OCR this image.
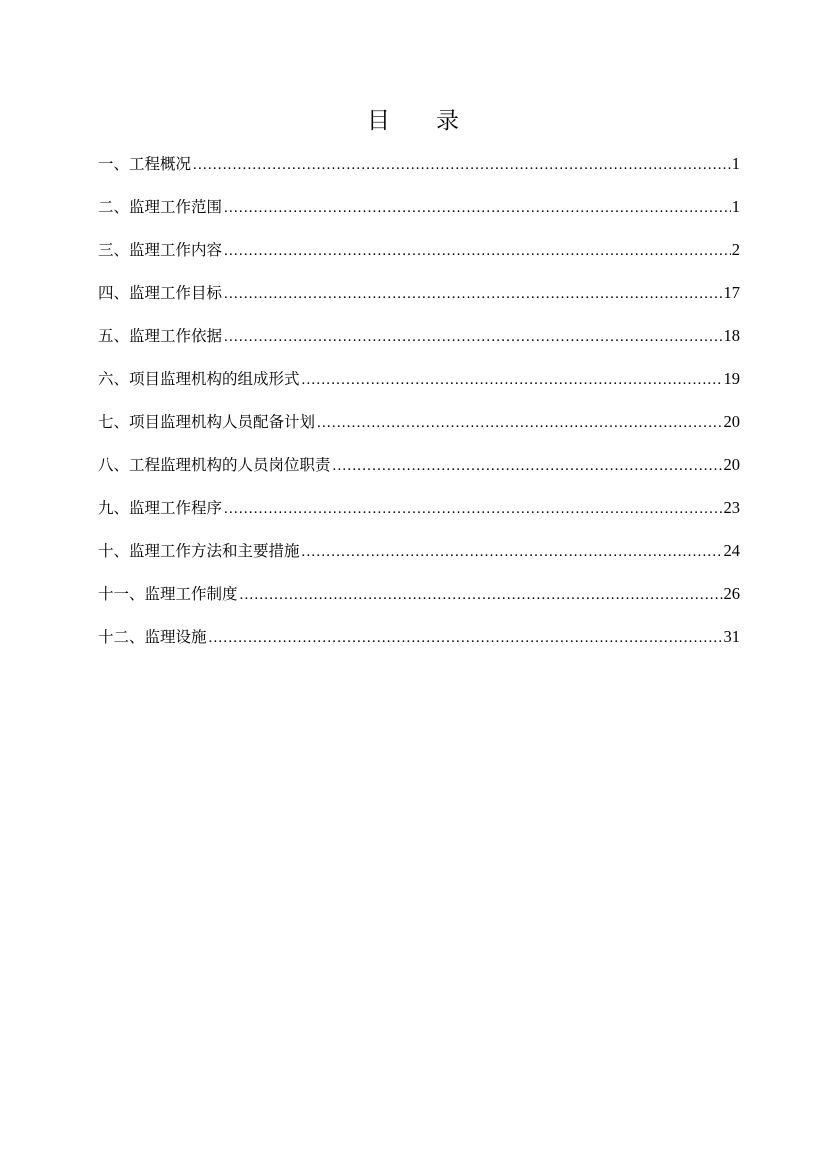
目 录
一、工程概况 .....	1
二、监理工作范围 .....	1
三、监理工作内容 .....	2
四、监理工作目标 .....	17
五、监理工作依据 .....	18
六、项目监理机构的组成形式 .....	19
七、项目监理机构人员配备计划 .....	20
八、工程监理机构的人员岗位职责 .....	20
九、监理工作程序 .....	23
十、监理工作方法和主要措施 .....	24
十一、监理工作制度 .....	26
十二、监理设施 .....	31
